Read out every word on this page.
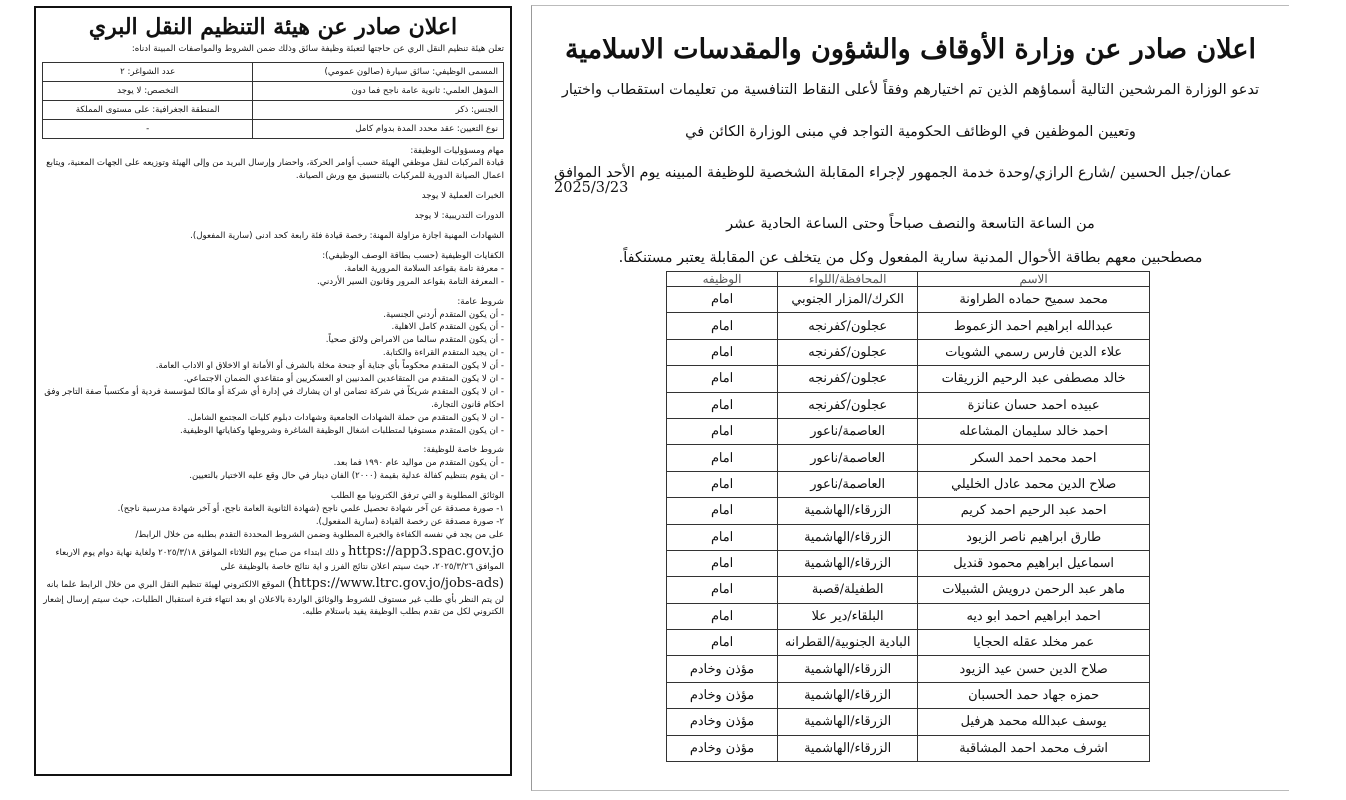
اعلان صادر عن هيئة التنظيم النقل البري

تعلن هيئة تنظيم النقل الري عن حاجتها لتعبئة وظيفة سائق وذلك ضمن الشروط والمواصفات المبينة ادناه:

المسمى الوظيفي: سائق سيارة (صالون عمومي)	عدد الشواغر: ٢
المؤهل العلمي: ثانوية عامة ناجح فما دون	التخصص: لا يوجد
الجنس: ذكر	المنطقة الجغرافية: على مستوى المملكة
نوع التعيين: عقد محدد المدة بدوام كامل	-
مهام ومسؤوليات الوظيفة:
قيادة المركبات لنقل موظفي الهيئة حسب أوامر الحركة، واحضار وإرسال البريد من وإلى الهيئة وتوزيعه على الجهات المعنية، ويتابع اعمال الصيانة الدورية للمركبات بالتنسيق مع ورش الصيانة.
الخبرات العملية لا يوجد
الدورات التدريبية: لا يوجد
الشهادات المهنية اجازة مزاولة المهنة: رخصة قيادة فئة رابعة كحد ادنى (سارية المفعول).
الكفايات الوظيفية (حسب بطاقة الوصف الوظيفي):
- معرفة تامة بقواعد السلامة المرورية العامة.
- المعرفة التامة بقواعد المرور وقانون السير الأردني.
شروط عامة:
- أن يكون المتقدم أردني الجنسية.
- أن يكون المتقدم كامل الاهلية.
- أن يكون المتقدم سالما من الامراض ولائق صحياً.
- ان يجيد المتقدم القراءة والكتابة.
- أن لا يكون المتقدم محكوماً بأي جناية أو جنحة مخلة بالشرف أو الأمانة او الاخلاق او الاداب العامة.
- ان لا يكون المتقدم من المتقاعدين المدنيين او العسكريين أو متقاعدي الضمان الاجتماعي.
- ان لا يكون المتقدم شريكاً في شركة تضامن او ان يشارك في إدارة أي شركة أو مالكا لمؤسسة فردية أو مكتسباً صفة التاجر وفق احكام قانون التجارة.
- ان لا يكون المتقدم من حملة الشهادات الجامعية وشهادات دبلوم كليات المجتمع الشامل.
- ان يكون المتقدم مستوفيا لمتطلبات اشغال الوظيفة الشاغرة وشروطها وكفاياتها الوظيفية.
شروط خاصة للوظيفة:
- أن يكون المتقدم من مواليد عام ١٩٩٠ فما بعد.
- ان يقوم بتنظيم كفالة عدلية بقيمة (٢٠٠٠) الفان دينار في حال وقع عليه الاختيار بالتعيين.
الوثائق المطلوبة و التي ترفق الكترونيا مع الطلب
١- صورة مصدقة عن آخر شهادة تحصيل علمي ناجح (شهادة الثانوية العامة ناجح، أو آخر شهادة مدرسية ناجح).
٢- صورة مصدقة عن رخصة القيادة (سارية المفعول).
على من يجد في نفسه الكفاءة والخبرة المطلوبة وضمن الشروط المحددة التقدم بطلبه من خلال الرابط/ https://app3.spac.gov.jo و ذلك ابتداء من صباح يوم الثلاثاء الموافق ٢٠٢٥/٣/١٨ ولغاية نهاية دوام يوم الاربعاء الموافق ٢٠٢٥/٣/٢٦، حيث سيتم اعلان نتائج الفرز و اية نتائج خاصة بالوظيفة على (https://www.ltrc.gov.jo/jobs-ads) الموقع الالكتروني لهيئة تنظيم النقل البري من خلال الرابط علما بانه لن يتم النظر بأي طلب غير مستوف للشروط والوثائق الواردة بالاعلان او بعد انتهاء فترة استقبال الطلبات، حيث سيتم إرسال إشعار الكتروني لكل من تقدم بطلب الوظيفة يفيد باستلام طلبه.
اعلان صادر عن وزارة الأوقاف والشؤون والمقدسات الاسلامية

تدعو الوزارة المرشحين التالية أسماؤهم الذين تم اختيارهم وفقاً لأعلى النقاط التنافسية من تعليمات استقطاب واختيار

وتعيين الموظفين في الوظائف الحكومية التواجد في مبنى الوزارة الكائن في

عمان/جبل الحسين /شارع الرازي/وحدة خدمة الجمهور لإجراء المقابلة الشخصية للوظيفة المبينه يوم الأحد الموافق 2025/3/23

من الساعة التاسعة والنصف صباحاً وحتى الساعة الحادية عشر

مصطحبين معهم بطاقة الأحوال المدنية سارية المفعول وكل من يتخلف عن المقابلة يعتبر مستنكفاً.

الاسم	المحافظة/اللواء	الوظيفه
محمد سميح حماده الطراونة	الكرك/المزار الجنوبي	امام
عبدالله ابراهيم احمد الزعموط	عجلون/كفرنجه	امام
علاء الدين فارس رسمي الشويات	عجلون/كفرنجه	امام
خالد مصطفى عبد الرحيم الزريقات	عجلون/كفرنجه	امام
عبيده احمد حسان عنانزة	عجلون/كفرنجه	امام
احمد خالد سليمان المشاعله	العاصمة/ناعور	امام
احمد محمد احمد السكر	العاصمة/ناعور	امام
صلاح الدين محمد عادل الخليلي	العاصمة/ناعور	امام
احمد عبد الرحيم احمد كريم	الزرقاء/الهاشمية	امام
طارق ابراهيم ناصر الزيود	الزرقاء/الهاشمية	امام
اسماعيل ابراهيم محمود قنديل	الزرقاء/الهاشمية	امام
ماهر عبد الرحمن درويش الشبيلات	الطفيلة/قصبة	امام
احمد ابراهيم احمد ابو ديه	البلقاء/دير علا	امام
عمر مخلد عقله الحجايا	البادية الجنوبية/القطرانه	امام
صلاح الدين حسن عيد الزيود	الزرقاء/الهاشمية	مؤذن وخادم
حمزه جهاد حمد الحسبان	الزرقاء/الهاشمية	مؤذن وخادم
يوسف عبدالله محمد هرفيل	الزرقاء/الهاشمية	مؤذن وخادم
اشرف محمد احمد المشاقبة	الزرقاء/الهاشمية	مؤذن وخادم
